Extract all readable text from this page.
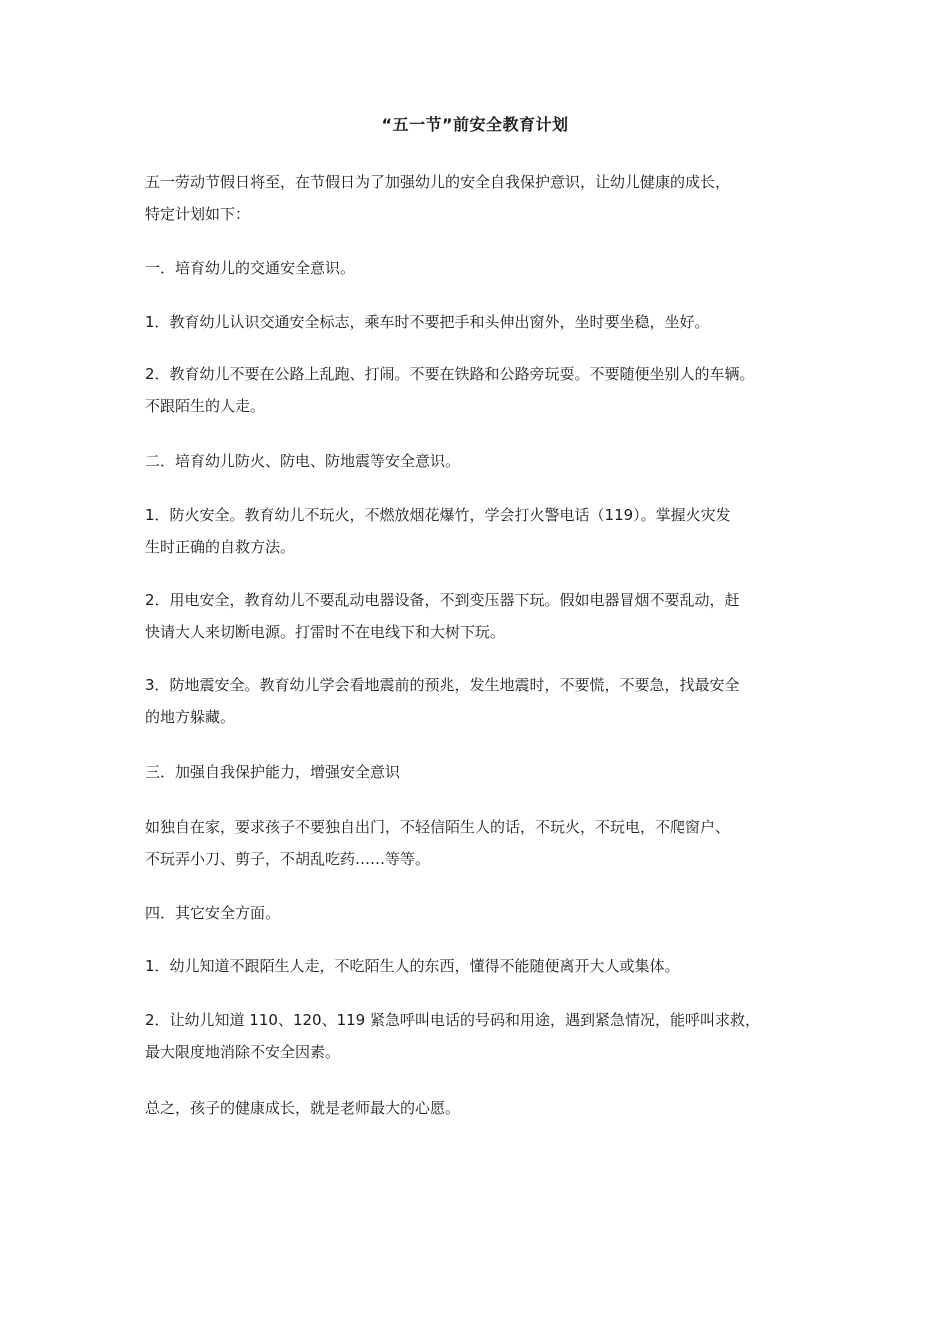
“五一节”前安全教育计划
五一劳动节假日将至，在节假日为了加强幼儿的安全自我保护意识，让幼儿健康的成长，
特定计划如下：
一．培育幼儿的交通安全意识。
1．教育幼儿认识交通安全标志，乘车时不要把手和头伸出窗外，坐时要坐稳，坐好。
2．教育幼儿不要在公路上乱跑、打闹。不要在铁路和公路旁玩耍。不要随便坐别人的车辆。
不跟陌生的人走。
二．培育幼儿防火、防电、防地震等安全意识。
1．防火安全。教育幼儿不玩火，不燃放烟花爆竹，学会打火警电话（119）。掌握火灾发
生时正确的自救方法。
2．用电安全，教育幼儿不要乱动电器设备，不到变压器下玩。假如电器冒烟不要乱动，赶
快请大人来切断电源。打雷时不在电线下和大树下玩。
3．防地震安全。教育幼儿学会看地震前的预兆，发生地震时，不要慌，不要急，找最安全
的地方躲藏。
三．加强自我保护能力，增强安全意识
如独自在家，要求孩子不要独自出门，不轻信陌生人的话，不玩火，不玩电，不爬窗户、
不玩弄小刀、剪子，不胡乱吃药……等等。
四．其它安全方面。
1．幼儿知道不跟陌生人走，不吃陌生人的东西，懂得不能随便离开大人或集体。
2．让幼儿知道 110、120、119 紧急呼叫电话的号码和用途，遇到紧急情况，能呼叫求救，
最大限度地消除不安全因素。
总之，孩子的健康成长，就是老师最大的心愿。
